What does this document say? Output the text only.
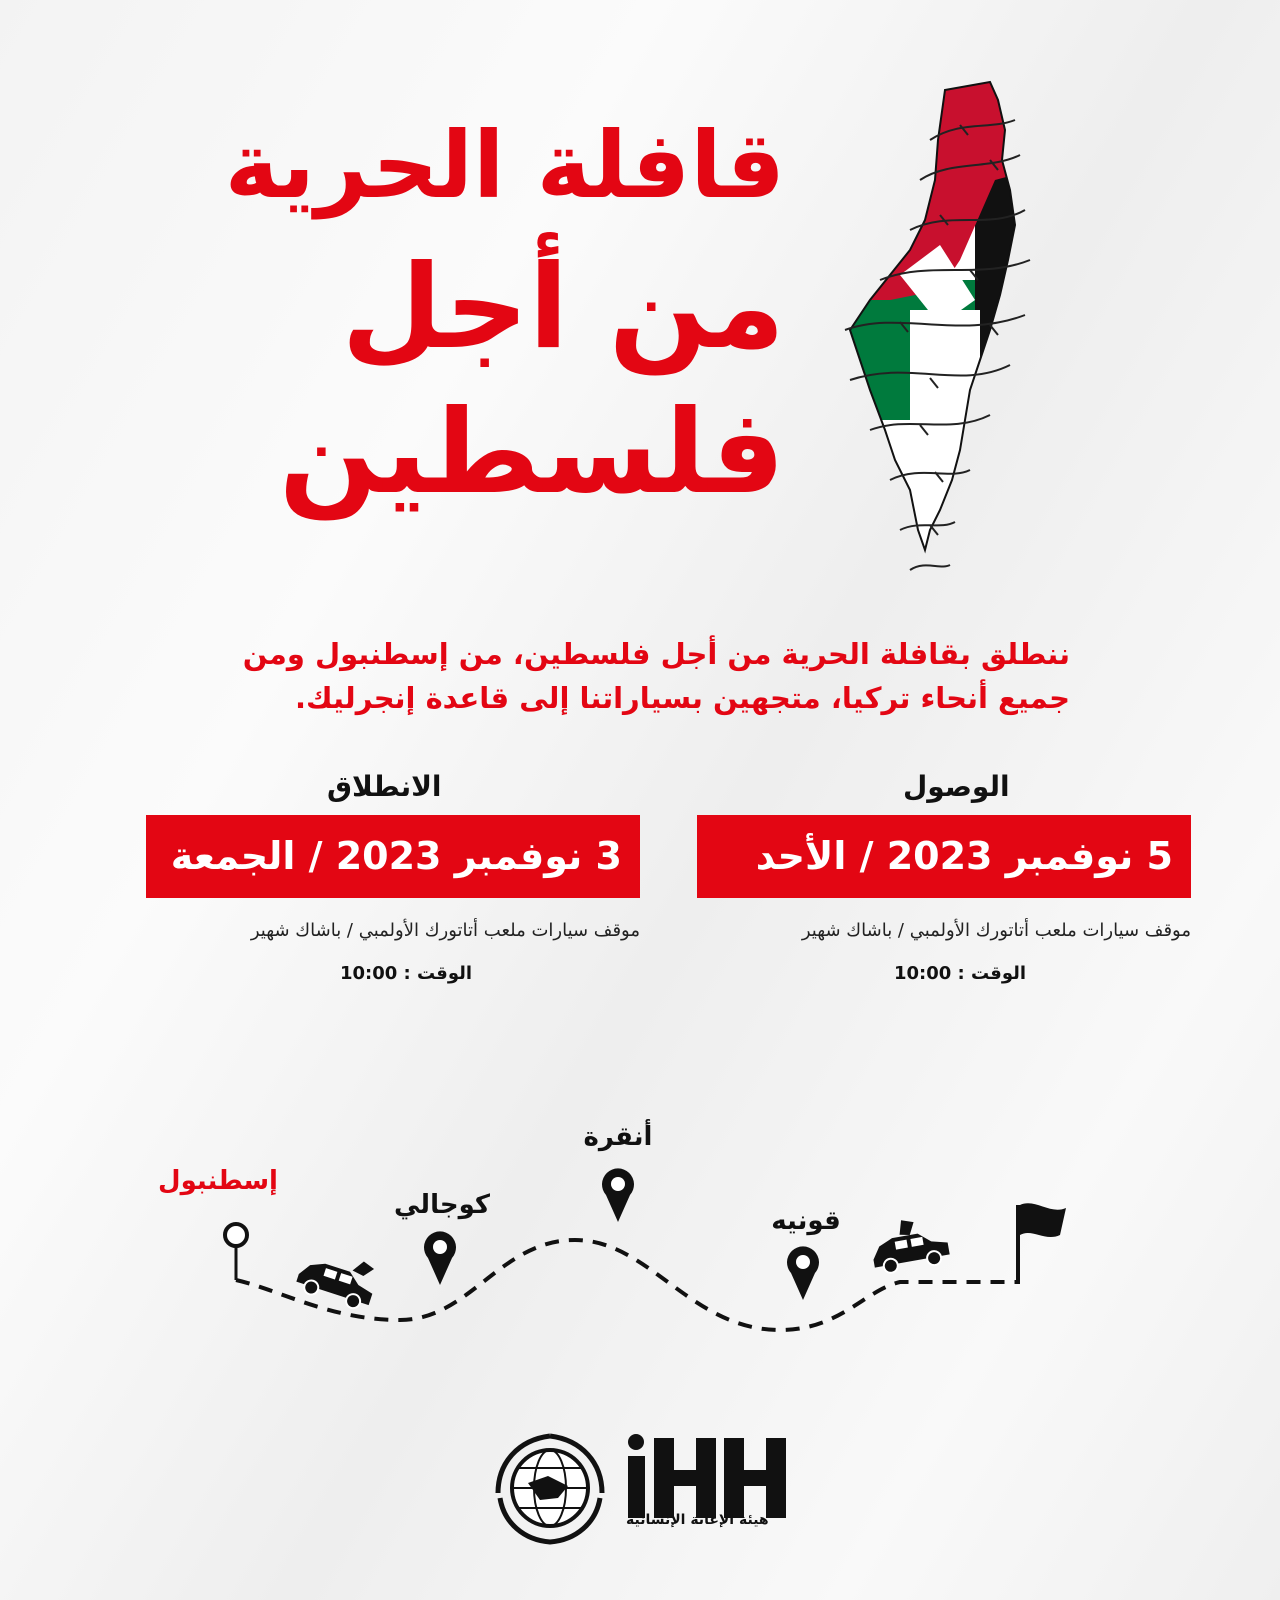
قافلة الحرية
من أجل
فلسطين
ننطلق بقافلة الحرية من أجل فلسطين، من إسطنبول ومن
جميع أنحاء تركيا، متجهين بسياراتنا إلى قاعدة إنجرليك.
الوصول
5 نوفمبر 2023 / الأحد
موقف سيارات ملعب أتاتورك الأولمبي / باشاك شهير
الوقت : 10:00
الانطلاق
3 نوفمبر 2023 / الجمعة
موقف سيارات ملعب أتاتورك الأولمبي / باشاك شهير
الوقت : 10:00
إسطنبول
كوجالي
أنقرة
قونيه
هيئة الإغاثة الإنسانية
